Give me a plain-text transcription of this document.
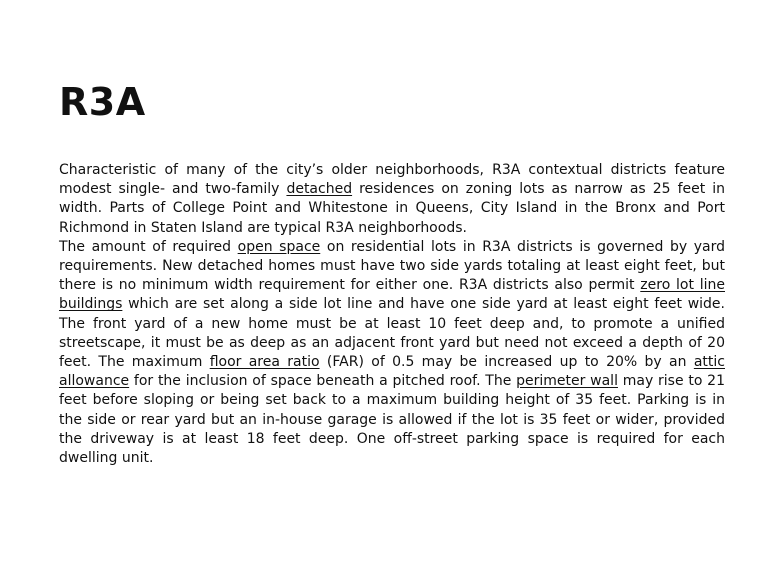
R3A

Characteristic of many of the city’s older neighborhoods, R3A contextual districts feature modest single- and two-family detached residences on zoning lots as narrow as 25 feet in width. Parts of College Point and Whitestone in Queens, City Island in the Bronx and Port Richmond in Staten Island are typical R3A neighborhoods.

The amount of required open space on residential lots in R3A districts is governed by yard requirements. New detached homes must have two side yards totaling at least eight feet, but there is no minimum width requirement for either one. R3A districts also permit zero lot line buildings which are set along a side lot line and have one side yard at least eight feet wide. The front yard of a new home must be at least 10 feet deep and, to promote a unified streetscape, it must be as deep as an adjacent front yard but need not exceed a depth of 20 feet. The maximum floor area ratio (FAR) of 0.5 may be increased up to 20% by an attic allowance for the inclusion of space beneath a pitched roof. The perimeter wall may rise to 21 feet before sloping or being set back to a maximum building height of 35 feet. Parking is in the side or rear yard but an in-house garage is allowed if the lot is 35 feet or wider, provided the driveway is at least 18 feet deep. One off-street parking space is required for each dwelling unit.
